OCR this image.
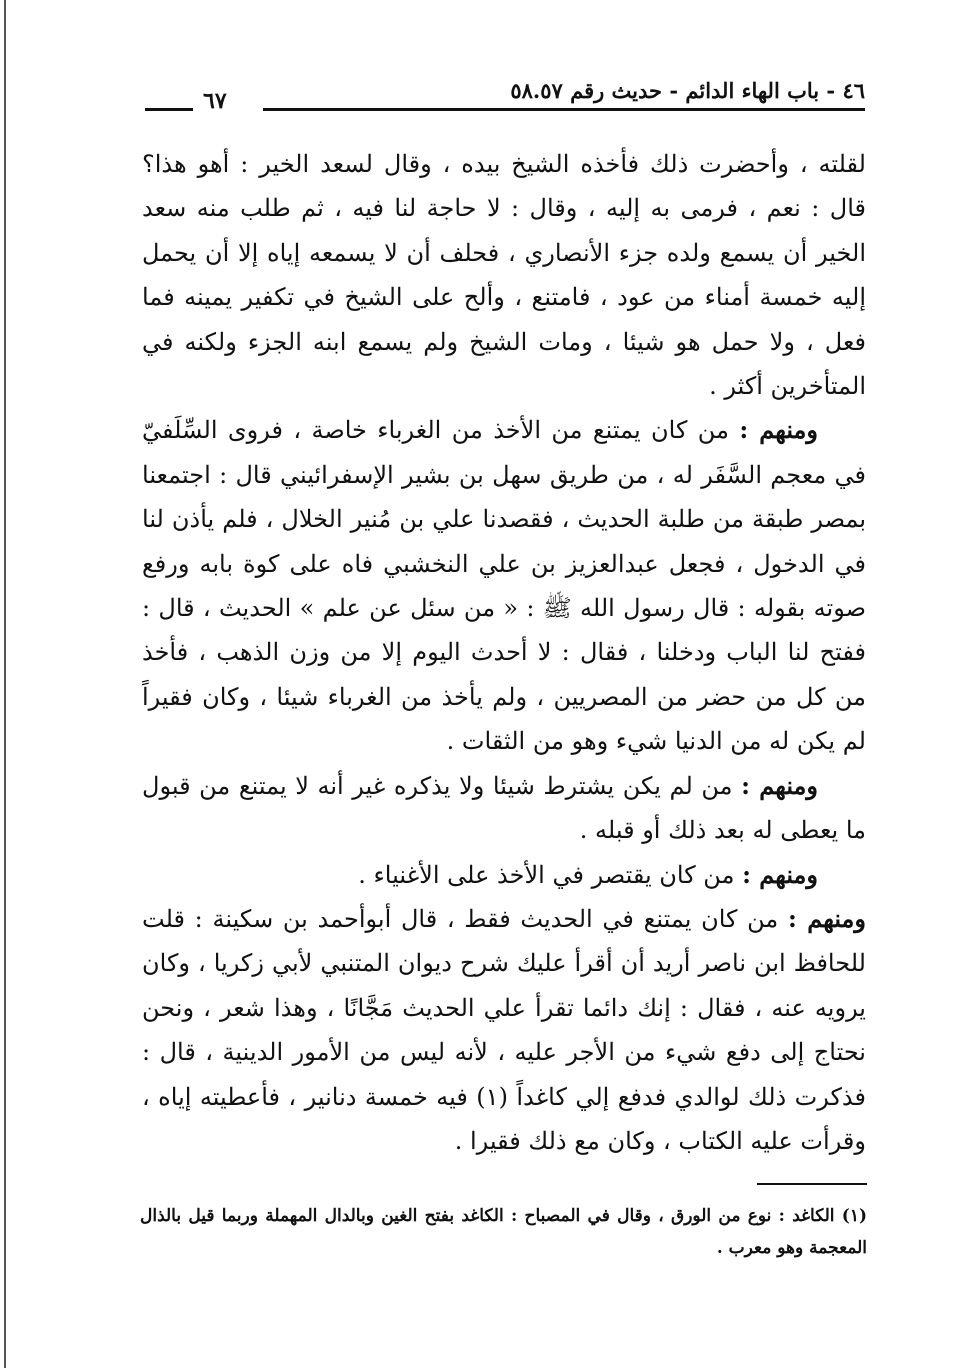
٤٦ - باب الهاء الدائم - حديث رقم ٥٨.٥٧
٦٧

لقلته ، وأحضرت ذلك فأخذه الشيخ بيده ، وقال لسعد الخير : أهو هذا؟ قال : نعم ، فرمى به إليه ، وقال : لا حاجة لنا فيه ، ثم طلب منه سعد الخير أن يسمع ولده جزء الأنصاري ، فحلف أن لا يسمعه إياه إلا أن يحمل إليه خمسة أمناء من عود ، فامتنع ، وألح على الشيخ في تكفير يمينه فما فعل ، ولا حمل هو شيئا ، ومات الشيخ ولم يسمع ابنه الجزء ولكنه في المتأخرين أكثر .

ومنهم : من كان يمتنع من الأخذ من الغرباء خاصة ، فروى السِّلَفيّ في معجم السَّفَر له ، من طريق سهل بن بشير الإسفرائيني قال : اجتمعنا بمصر طبقة من طلبة الحديث ، فقصدنا علي بن مُنير الخلال ، فلم يأذن لنا في الدخول ، فجعل عبدالعزيز بن علي النخشبي فاه على كوة بابه ورفع صوته بقوله : قال رسول الله ﷺ : « من سئل عن علم » الحديث ، قال : ففتح لنا الباب ودخلنا ، فقال : لا أحدث اليوم إلا من وزن الذهب ، فأخذ من كل من حضر من المصريين ، ولم يأخذ من الغرباء شيئا ، وكان فقيراً لم يكن له من الدنيا شيء وهو من الثقات .

ومنهم : من لم يكن يشترط شيئا ولا يذكره غير أنه لا يمتنع من قبول ما يعطى له بعد ذلك أو قبله .

ومنهم : من كان يقتصر في الأخذ على الأغنياء .

ومنهم : من كان يمتنع في الحديث فقط ، قال أبوأحمد بن سكينة : قلت للحافظ ابن ناصر أريد أن أقرأ عليك شرح ديوان المتنبي لأبي زكريا ، وكان يرويه عنه ، فقال : إنك دائما تقرأ علي الحديث مَجَّانًا ، وهذا شعر ، ونحن نحتاج إلى دفع شيء من الأجر عليه ، لأنه ليس من الأمور الدينية ، قال : فذكرت ذلك لوالدي فدفع إلي كاغداً (١) فيه خمسة دنانير ، فأعطيته إياه ، وقرأت عليه الكتاب ، وكان مع ذلك فقيرا .

(١) الكاغد : نوع من الورق ، وقال في المصباح : الكاغد بفتح الغين وبالدال المهملة وربما قيل بالذال المعجمة وهو معرب .
